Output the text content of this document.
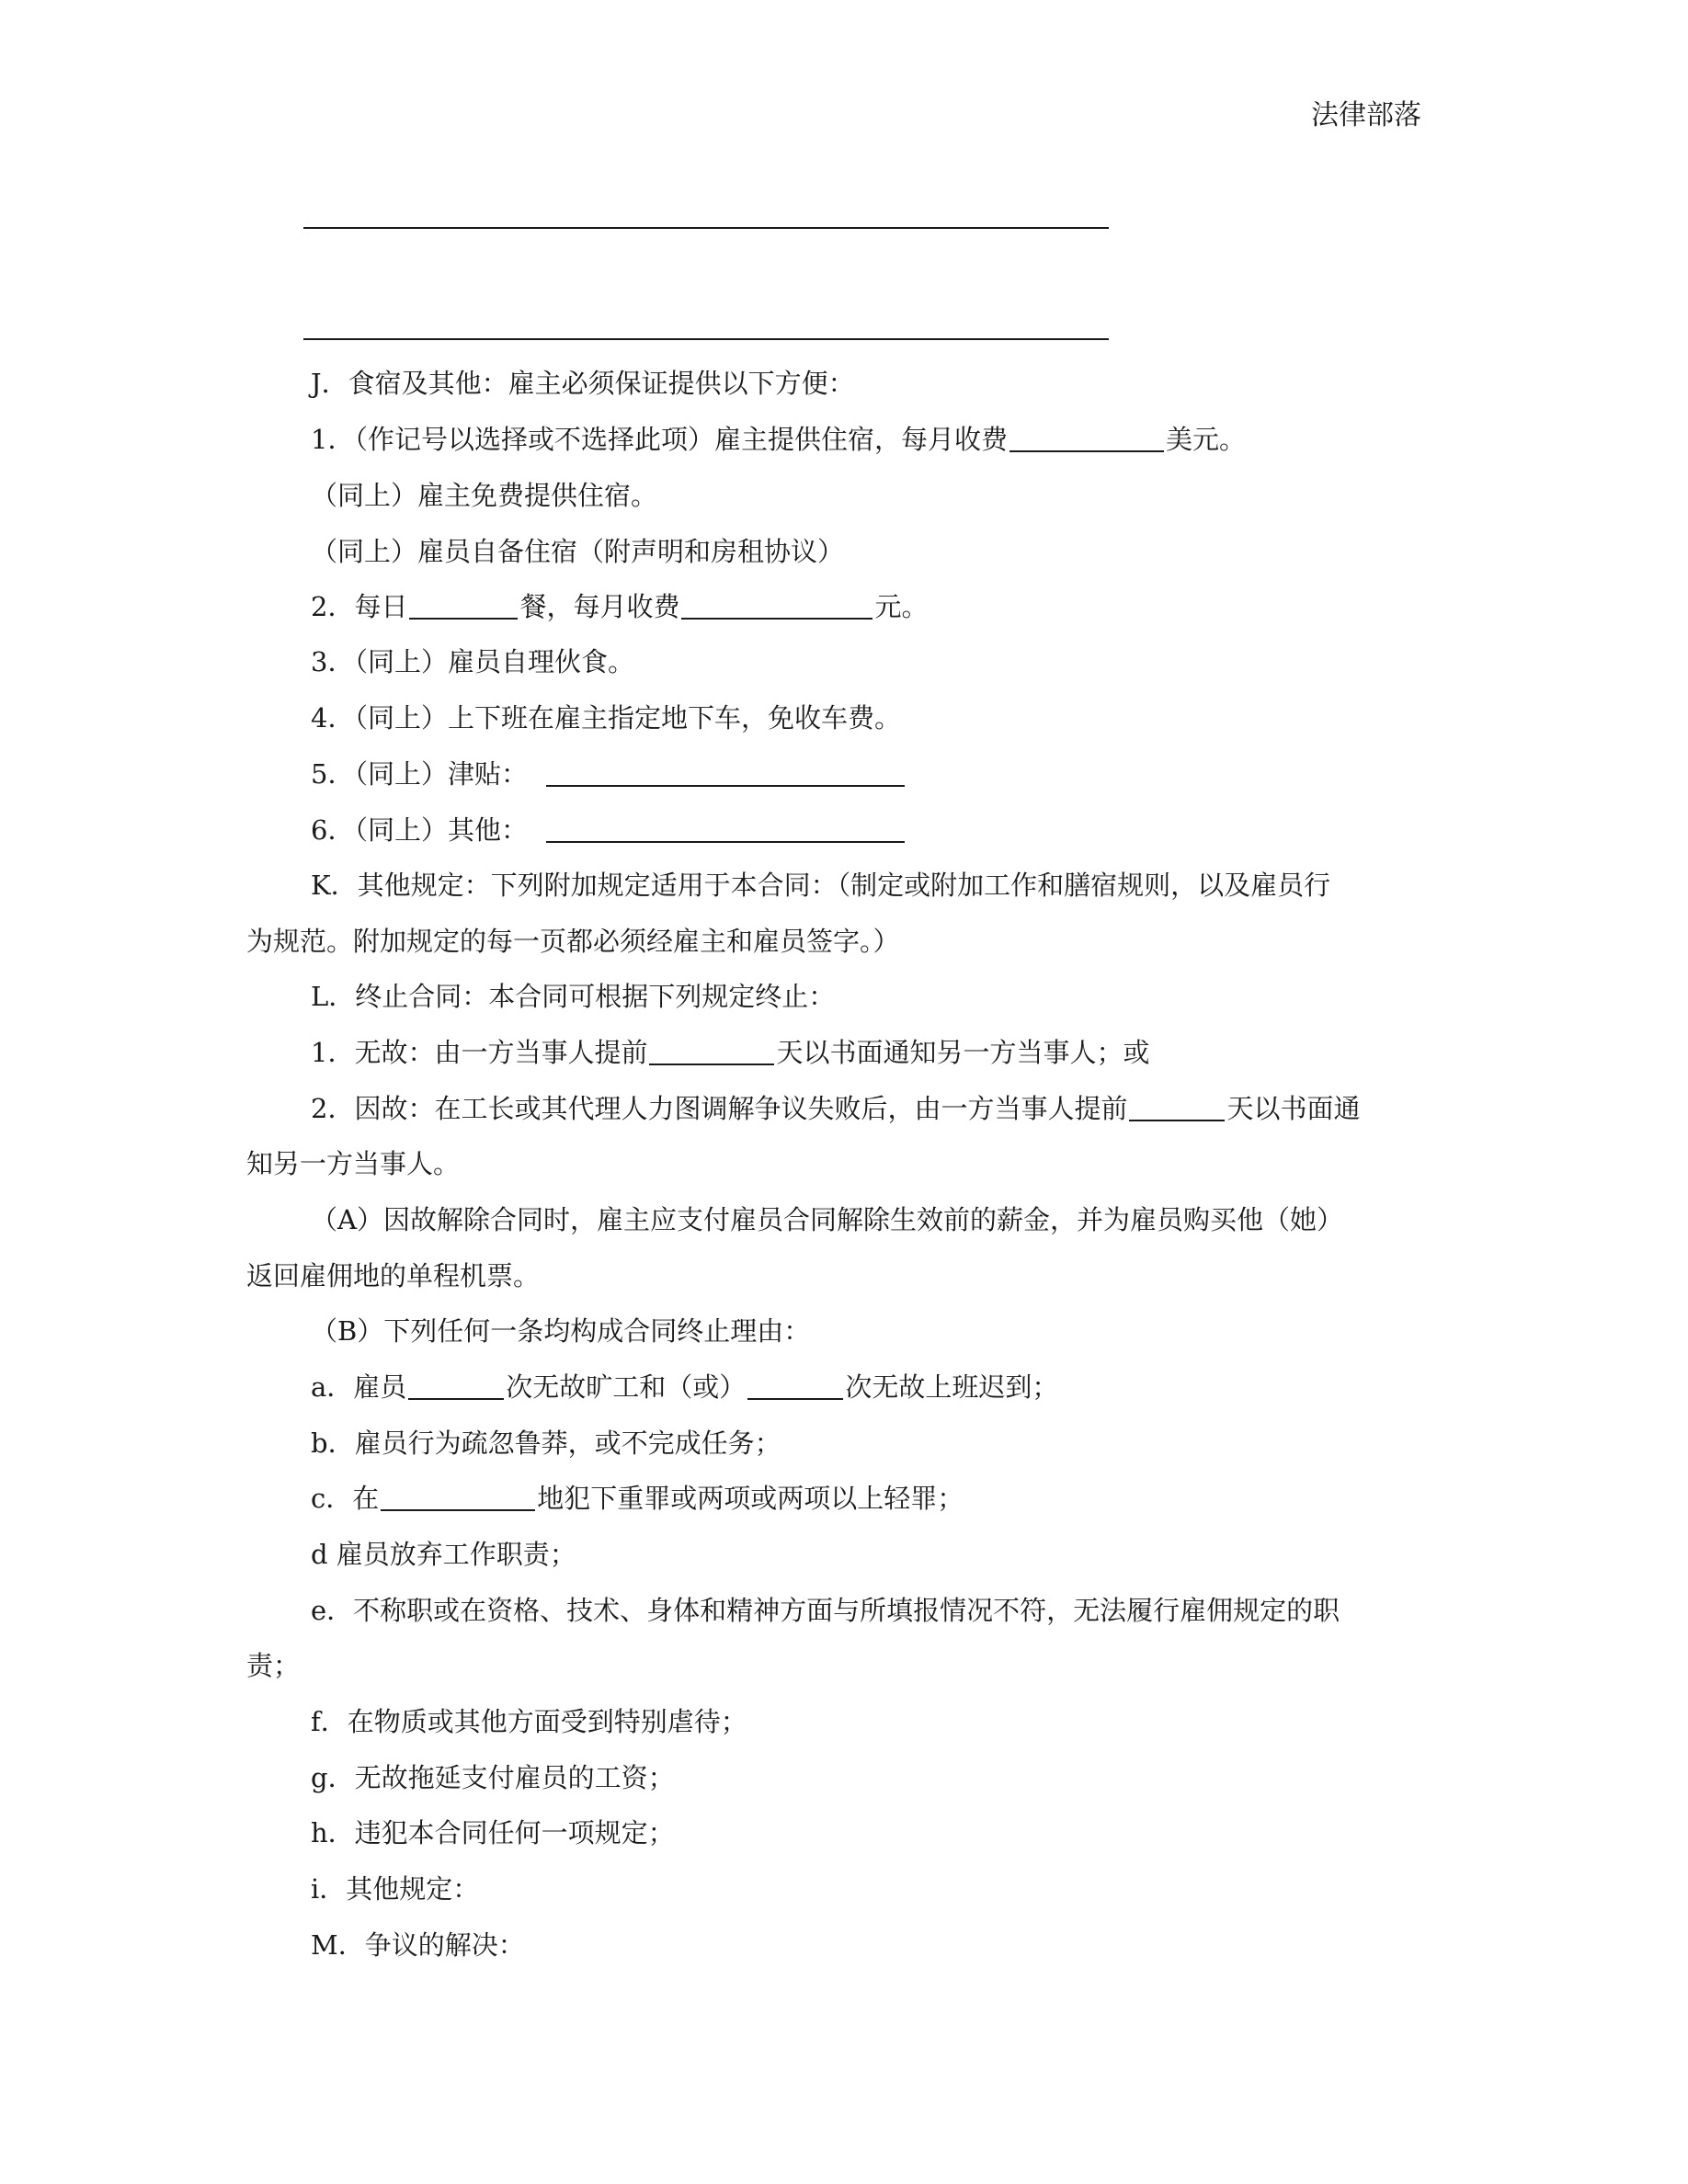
法律部落
J．食宿及其他：雇主必须保证提供以下方便：
1．（作记号以选择或不选择此项）雇主提供住宿，每月收费	美元。
（同上）雇主免费提供住宿。
（同上）雇员自备住宿（附声明和房租协议）
2．每日	餐，每月收费	元。
3．（同上）雇员自理伙食。
4．（同上）上下班在雇主指定地下车，免收车费。
5．（同上）津贴：
6．（同上）其他：
K．其他规定：下列附加规定适用于本合同：（制定或附加工作和膳宿规则，以及雇员行
为规范。附加规定的每一页都必须经雇主和雇员签字。）
L．终止合同：本合同可根据下列规定终止：
1．无故：由一方当事人提前	天以书面通知另一方当事人；或
2．因故：在工长或其代理人力图调解争议失败后，由一方当事人提前	天以书面通
知另一方当事人。
（A）因故解除合同时，雇主应支付雇员合同解除生效前的薪金，并为雇员购买他（她）
返回雇佣地的单程机票。
（B）下列任何一条均构成合同终止理由：
a．雇员	次无故旷工和（或）	次无故上班迟到；
b．雇员行为疏忽鲁莽，或不完成任务；
c．在	地犯下重罪或两项或两项以上轻罪；
d 雇员放弃工作职责；
e．不称职或在资格、技术、身体和精神方面与所填报情况不符，无法履行雇佣规定的职
责；
f．在物质或其他方面受到特别虐待；
g．无故拖延支付雇员的工资；
h．违犯本合同任何一项规定；
i．其他规定：
M．争议的解决：
